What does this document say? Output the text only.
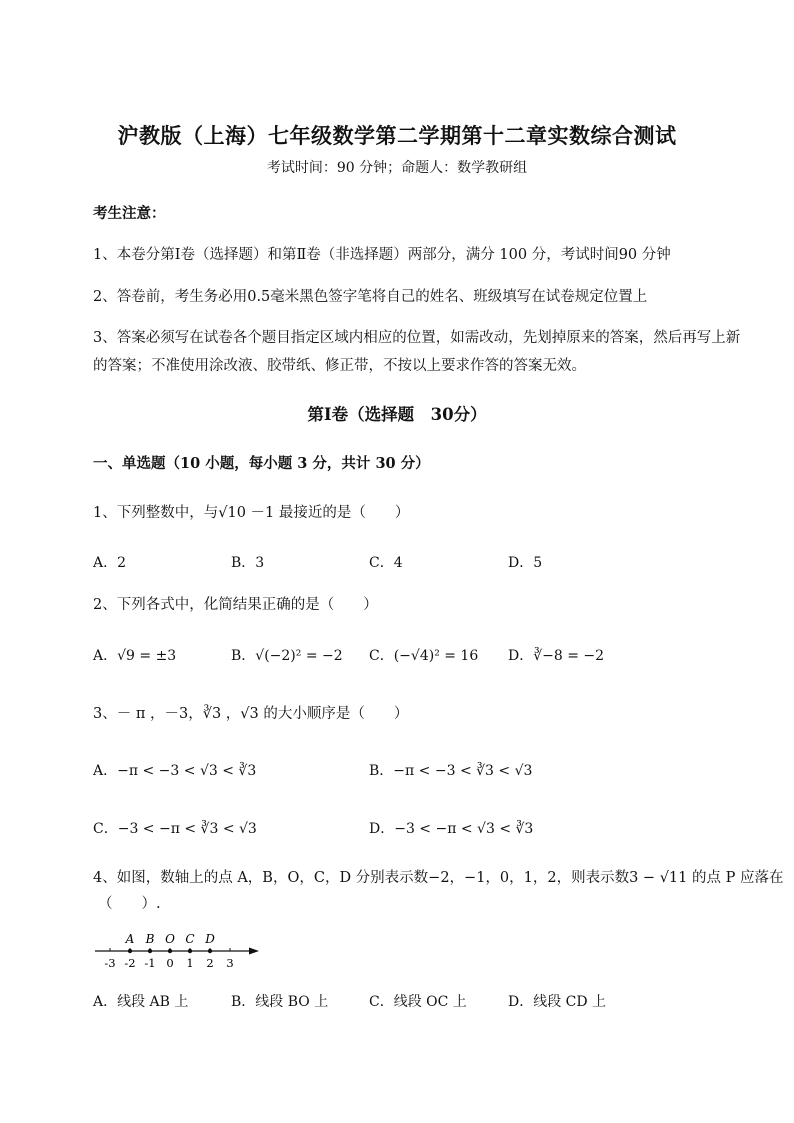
沪教版（上海）七年级数学第二学期第十二章实数综合测试
考试时间：90 分钟；命题人：数学教研组
考生注意：
1、本卷分第Ⅰ卷（选择题）和第Ⅱ卷（非选择题）两部分，满分 100 分，考试时间90 分钟
2、答卷前，考生务必用0.5毫米黑色签字笔将自己的姓名、班级填写在试卷规定位置上
3、答案必须写在试卷各个题目指定区域内相应的位置，如需改动，先划掉原来的答案，然后再写上新
的答案；不准使用涂改液、胶带纸、修正带，不按以上要求作答的答案无效。
第Ⅰ卷（选择题　30分）
一、单选题（10 小题，每小题 3 分，共计 30 分）
1、下列整数中，与√10 －1 最接近的是（　　）
A．2	B．3	C．4	D．5
2、下列各式中，化简结果正确的是（　　）
A．√9 = ±3	B．√(−2)² = −2 C．(−√4)² = 16 D．∛−8 = −2
3、－ π ，－3，∛3 ，√3 的大小顺序是（　　）
A．−π < −3 < √3 < ∛3	B．−π < −3 < ∛3 < √3
C．−3 < −π < ∛3 < √3	D．−3 < −π < √3 < ∛3
4、如图，数轴上的点 A，B，O，C，D 分别表示数−2，−1，0，1，2，则表示数3 − √11 的点 P 应落在
（　　）.
A B O C D
-3 -2 -1 0 1 2 3
A．线段 AB 上	B．线段 BO 上	C．线段 OC 上	D．线段 CD 上
